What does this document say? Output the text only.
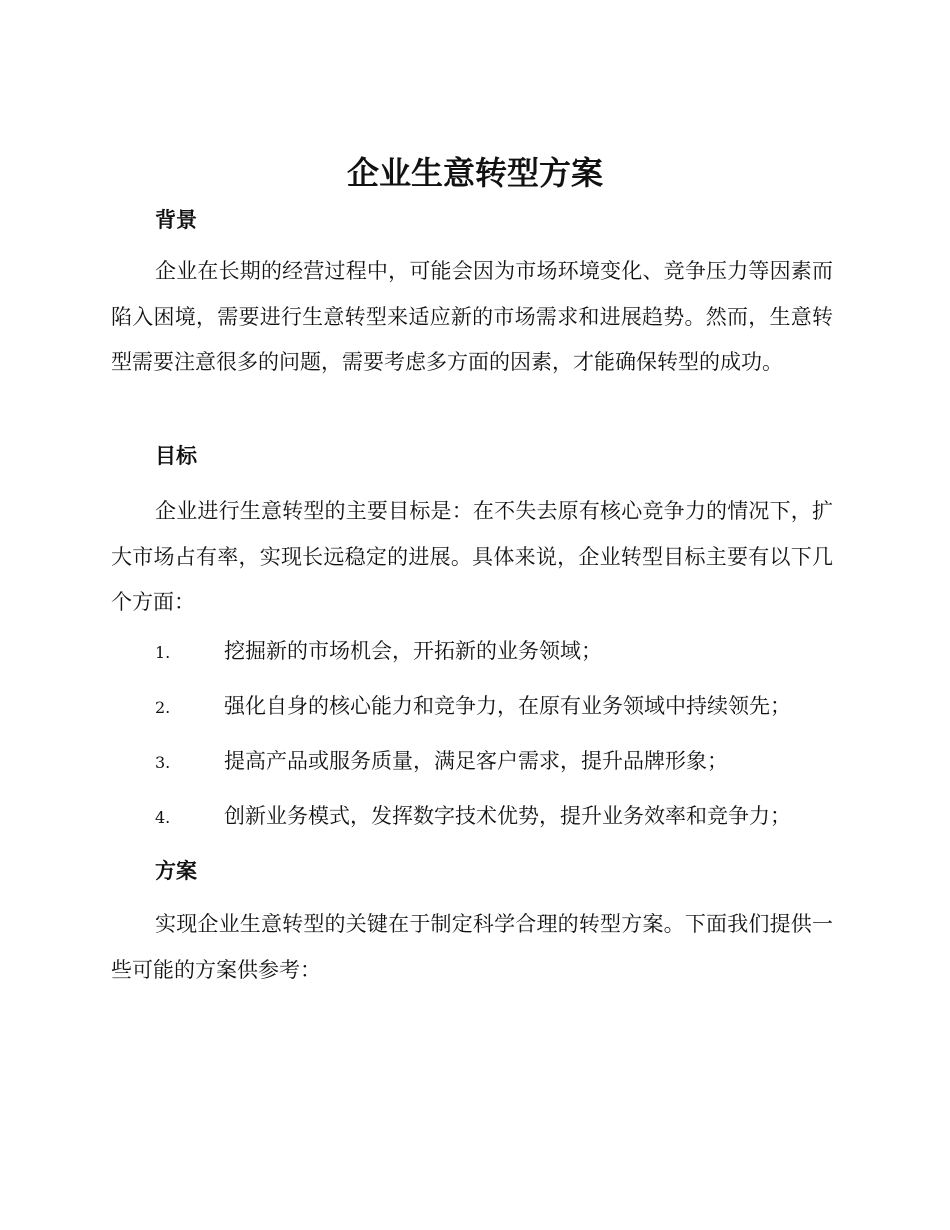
企业生意转型方案
背景

企业在长期的经营过程中，可能会因为市场环境变化、竞争压力等因素而陷入困境，需要进行生意转型来适应新的市场需求和进展趋势。然而，生意转型需要注意很多的问题，需要考虑多方面的因素，才能确保转型的成功。

目标

企业进行生意转型的主要目标是：在不失去原有核心竞争力的情况下，扩大市场占有率，实现长远稳定的进展。具体来说，企业转型目标主要有以下几个方面：

1.	挖掘新的市场机会，开拓新的业务领域；
2.	强化自身的核心能力和竞争力，在原有业务领域中持续领先；
3.	提高产品或服务质量，满足客户需求，提升品牌形象；
4.	创新业务模式，发挥数字技术优势，提升业务效率和竞争力；
方案

实现企业生意转型的关键在于制定科学合理的转型方案。下面我们提供一些可能的方案供参考：
